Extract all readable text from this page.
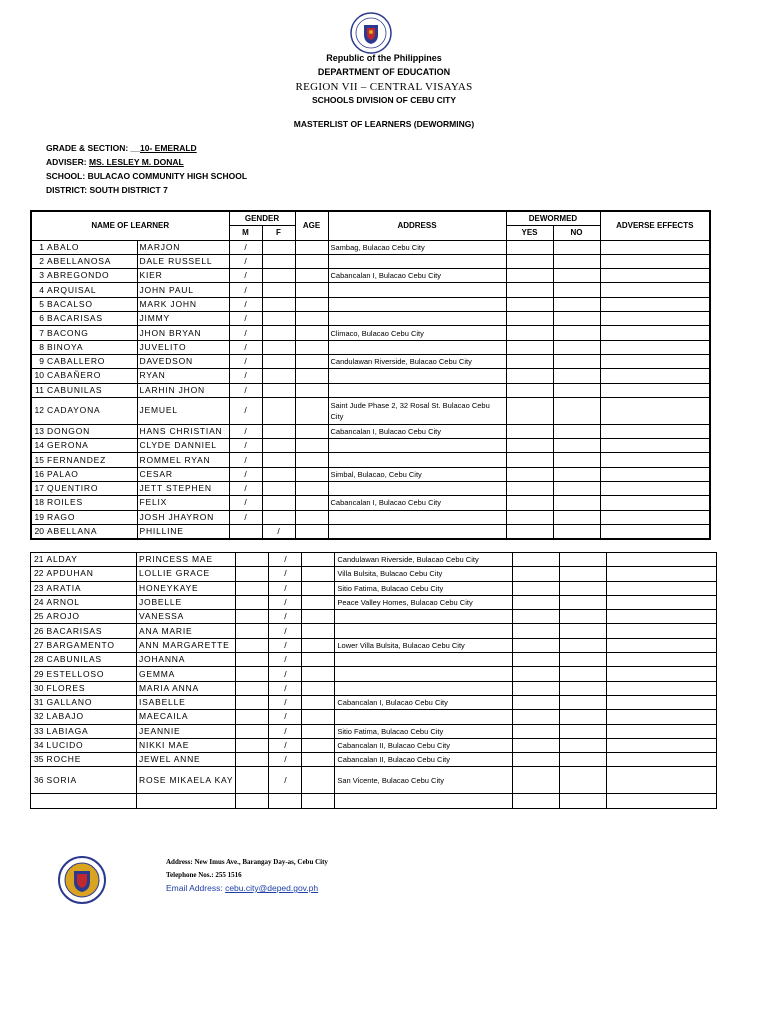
Republic of the Philippines
DEPARTMENT OF EDUCATION
REGION VII – CENTRAL VISAYAS
SCHOOLS DIVISION OF CEBU CITY
MASTERLIST OF LEARNERS (DEWORMING)
GRADE & SECTION: __10- EMERALD
ADVISER: MS. LESLEY M. DONAL
SCHOOL: BULACAO COMMUNITY HIGH SCHOOL
DISTRICT: SOUTH DISTRICT 7
NAME OF LEARNER			GENDER		AGE	ADDRESS	DEWORMED		ADVERSE EFFECTS
			M	F			YES	NO	
1	ABALO	MARJON	/			Sambag, Bulacao Cebu City			
2	ABELLANOSA	DALE RUSSELL	/						
3	ABREGONDO	KIER	/			Cabancalan I, Bulacao Cebu City			
4	ARQUISAL	JOHN PAUL	/						
5	BACALSO	MARK JOHN	/						
6	BACARISAS	JIMMY	/						
7	BACONG	JHON BRYAN	/			Climaco, Bulacao Cebu City			
8	BINOYA	JUVELITO	/						
9	CABALLERO	DAVEDSON	/			Candulawan Riverside, Bulacao Cebu City			
10	CABAÑERO	RYAN	/						
11	CABUNILAS	LARHIN JHON	/						
12	CADAYONA	JEMUEL	/			Saint Jude Phase 2, 32 Rosal St. Bulacao Cebu City			
13	DONGON	HANS CHRISTIAN	/			Cabancalan I, Bulacao Cebu City			
14	GERONA	CLYDE DANNIEL	/						
15	FERNANDEZ	ROMMEL RYAN	/						
16	PALAO	CESAR	/			Simbal, Bulacao, Cebu City			
17	QUENTIRO	JETT STEPHEN	/						
18	ROILES	FELIX	/			Cabancalan I, Bulacao Cebu City			
19	RAGO	JOSH JHAYRON	/						
20	ABELLANA	PHILLINE		/					
21	ALDAY	PRINCESS MAE		/		Candulawan Riverside, Bulacao Cebu City			
22	APDUHAN	LOLLIE GRACE		/		Villa Bulsita, Bulacao Cebu City			
23	ARATIA	HONEYKAYE		/		Sitio Fatima, Bulacao Cebu City			
24	ARNOL	JOBELLE		/		Peace Valley Homes, Bulacao Cebu City			
25	AROJO	VANESSA		/					
26	BACARISAS	ANA MARIE		/					
27	BARGAMENTO	ANN MARGARETTE		/		Lower Villa Bulsita, Bulacao Cebu City			
28	CABUNILAS	JOHANNA		/					
29	ESTELLOSO	GEMMA		/					
30	FLORES	MARIA ANNA		/					
31	GALLANO	ISABELLE		/		Cabancalan I, Bulacao Cebu City			
32	LABAJO	MAECAILA		/					
33	LABIAGA	JEANNIE		/		Sitio Fatima, Bulacao Cebu City			
34	LUCIDO	NIKKI MAE		/		Cabancalan II, Bulacao Cebu City			
35	ROCHE	JEWEL ANNE		/		Cabancalan II, Bulacao Cebu City			
36	SORIA	ROSE MIKAELA KAY		/		San Vicente, Bulacao Cebu City			

Address: New Imus Ave., Barangay Day-as, Cebu City
Telephone Nos.: 255 1516
Email Address: cebu.city@deped.gov.ph
